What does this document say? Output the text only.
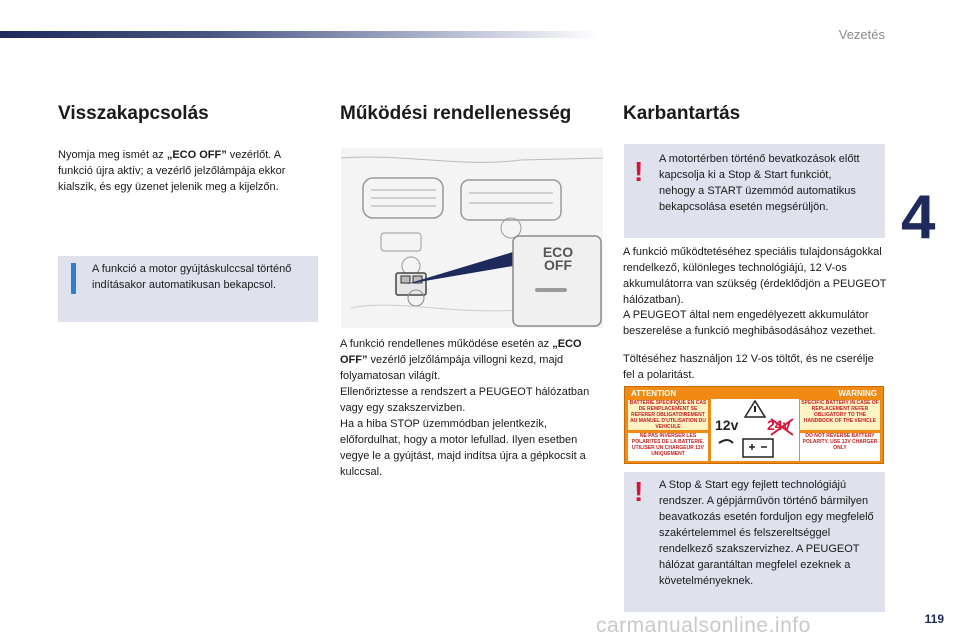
Vezetés
4
119
Visszakapcsolás

Nyomja meg ismét az „ECO OFF” vezérlőt. A funkció újra aktív; a vezérlő jelzőlámpája ekkor kialszik, és egy üzenet jelenik meg a kijelzőn.

A funkció a motor gyújtáskulccsal történő indításakor automatikusan bekapcsol.
Működési rendellenesség
ECO
OFF

A funkció rendellenes működése esetén az „ECO OFF” vezérlő jelzőlámpája villogni kezd, majd folyamatosan világít.

Ellenőriztesse a rendszert a PEUGEOT hálózatban vagy egy szakszervizben.

Ha a hiba STOP üzemmódban jelentkezik, előfordulhat, hogy a motor lefullad. Ilyen esetben vegye le a gyújtást, majd indítsa újra a gépkocsit a kulccsal.

Karbantartás
! A motortérben történő bevatkozások előtt kapcsolja ki a Stop & Start funkciót, nehogy a START üzemmód automatikus bekapcsolása esetén megsérüljön.

A funkció működtetéséhez speciális tulajdonságokkal rendelkező, különleges technológiájú, 12 V-os akkumulátorra van szükség (érdeklődjön a PEUGEOT hálózatban).

A PEUGEOT által nem engedélyezett akkumulátor beszerelése a funkció meghibásodásához vezethet.

Töltéséhez használjon 12 V-os töltőt, és ne cserélje fel a polaritást.

ATTENTION	WARNING
BATTERIE SPECIFIQUE EN CAS DE REMPLACEMENT SE REFERER OBLIGATOIREMENT AU MANUEL D'UTILISATION DU VEHICULE
SPECIFIC BATTERY IN CASE OF REPLACEMENT REFER OBLIGATORY TO THE HANDBOOK OF THE VEHICLE
NE PAS INVERSER LES POLARITES DE LA BATTERIE. UTILISER UN CHARGEUR 12V UNIQUEMENT
DO NOT REVERSE BATTERY POLARITY. USE 12V CHARGER ONLY
12v 24v
! A Stop & Start egy fejlett technológiájú rendszer. A gépjárművön történő bármilyen beavatkozás esetén forduljon egy megfelelő szakértelemmel és felszereltséggel rendelkező szakszervizhez. A PEUGEOT hálózat garantáltan megfelel ezeknek a követelményeknek.
carmanualsonline.info
